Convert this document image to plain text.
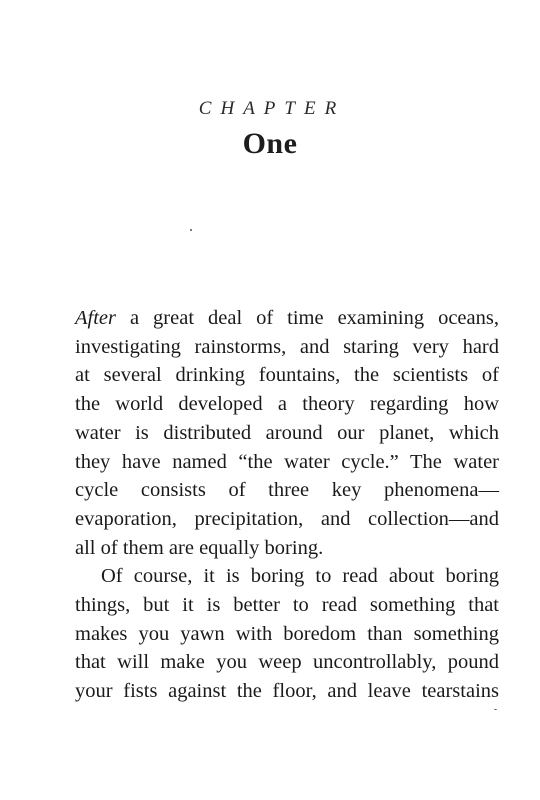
CHAPTER
One

After a great deal of time examining oceans,
investigating rainstorms, and staring very hard
at several drinking fountains, the scientists of
the world developed a theory regarding how
water is distributed around our planet, which
they have named “the water cycle.” The water
cycle consists of three key phenomena—
evaporation, precipitation, and collection—and
all of them are equally boring.

Of course, it is boring to read about boring
things, but it is better to read something that
makes you yawn with boredom than something
that will make you weep uncontrollably, pound
your fists against the floor, and leave tearstains
